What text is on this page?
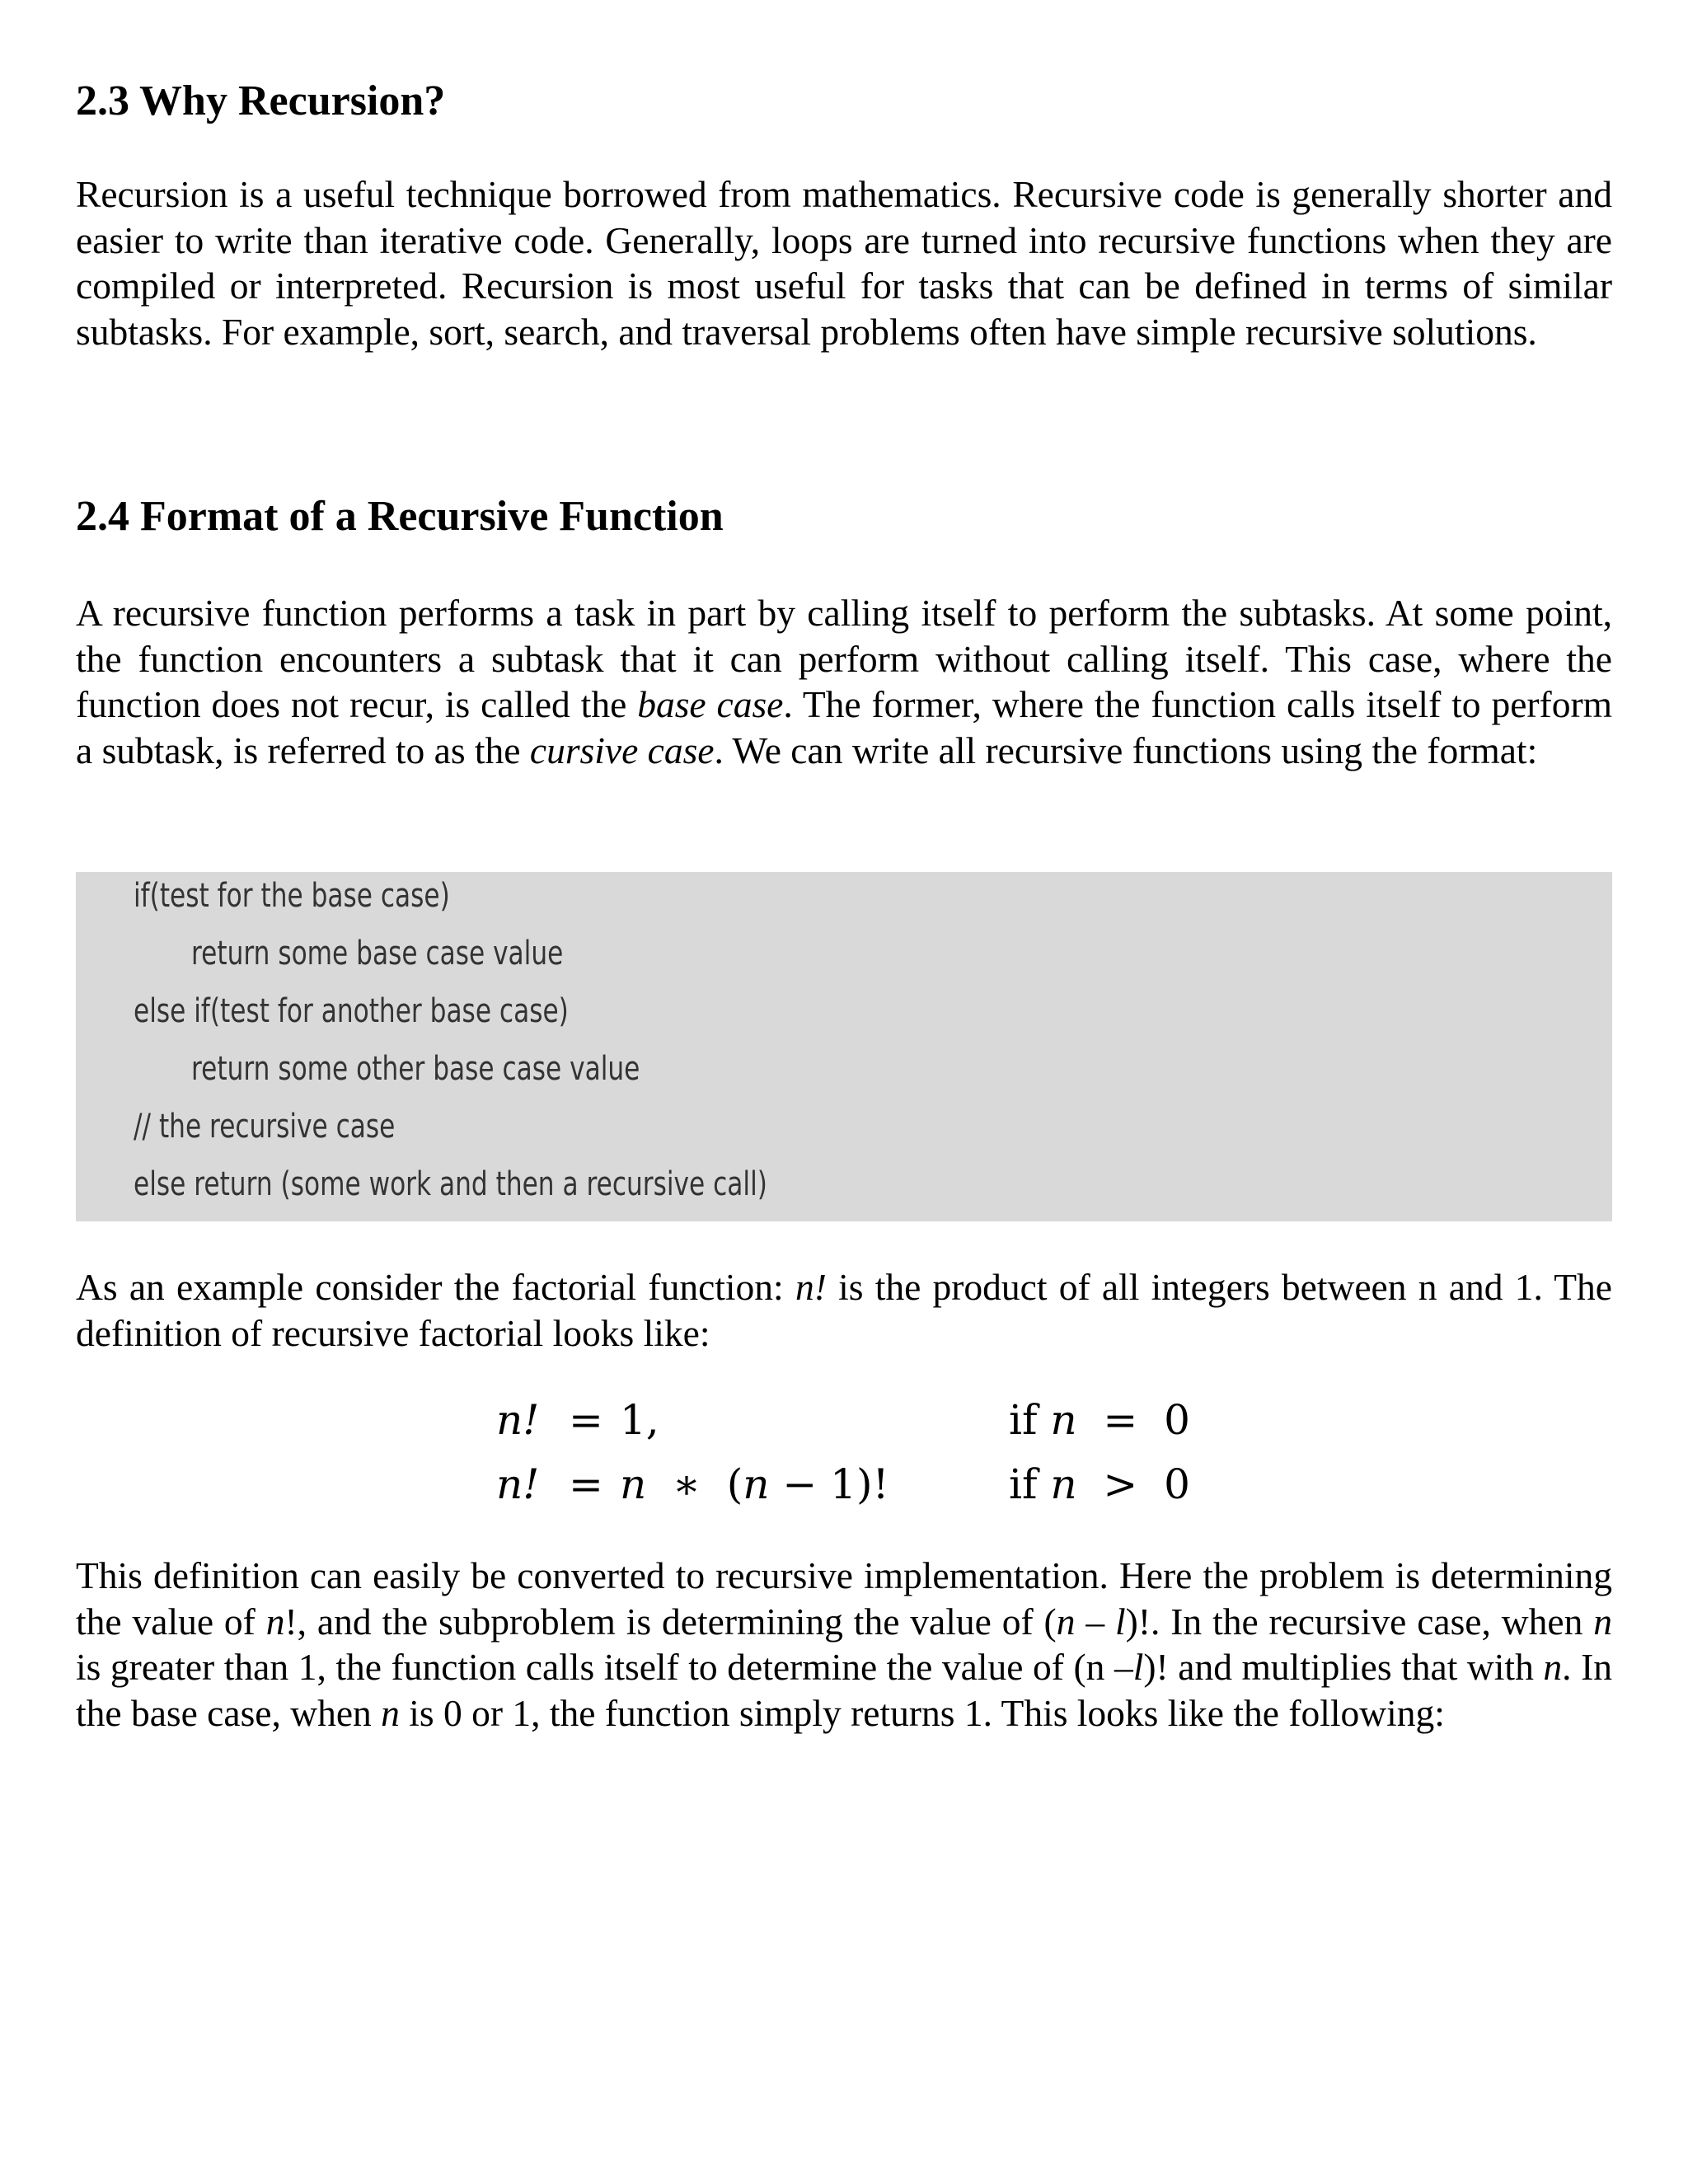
2.3 Why Recursion?

Recursion is a useful technique borrowed from mathematics. Recursive code is generally shorter and easier to write than iterative code. Generally, loops are turned into recursive functions when they are compiled or interpreted. Recursion is most useful for tasks that can be defined in terms of similar subtasks. For example, sort, search, and traversal problems often have simple recursive solutions.

2.4 Format of a Recursive Function

A recursive function performs a task in part by calling itself to perform the subtasks. At some point, the function encounters a subtask that it can perform without calling itself. This case, where the function does not recur, is called the base case. The former, where the function calls itself to perform a subtask, is referred to as the cursive case. We can write all recursive functions using the format:

if(test for the base case)
return some base case value
else if(test for another base case)
return some other base case value
// the recursive case
else return (some work and then a recursive call)

As an example consider the factorial function: n! is the product of all integers between n and 1. The definition of recursive factorial looks like:

n! = 1,	if n = 0
n! = n ∗ (n − 1)!	if n > 0

This definition can easily be converted to recursive implementation. Here the problem is determining the value of n!, and the subproblem is determining the value of (n – l)!. In the recursive case, when n is greater than 1, the function calls itself to determine the value of (n –l)! and multiplies that with n. In the base case, when n is 0 or 1, the function simply returns 1. This looks like the following:
